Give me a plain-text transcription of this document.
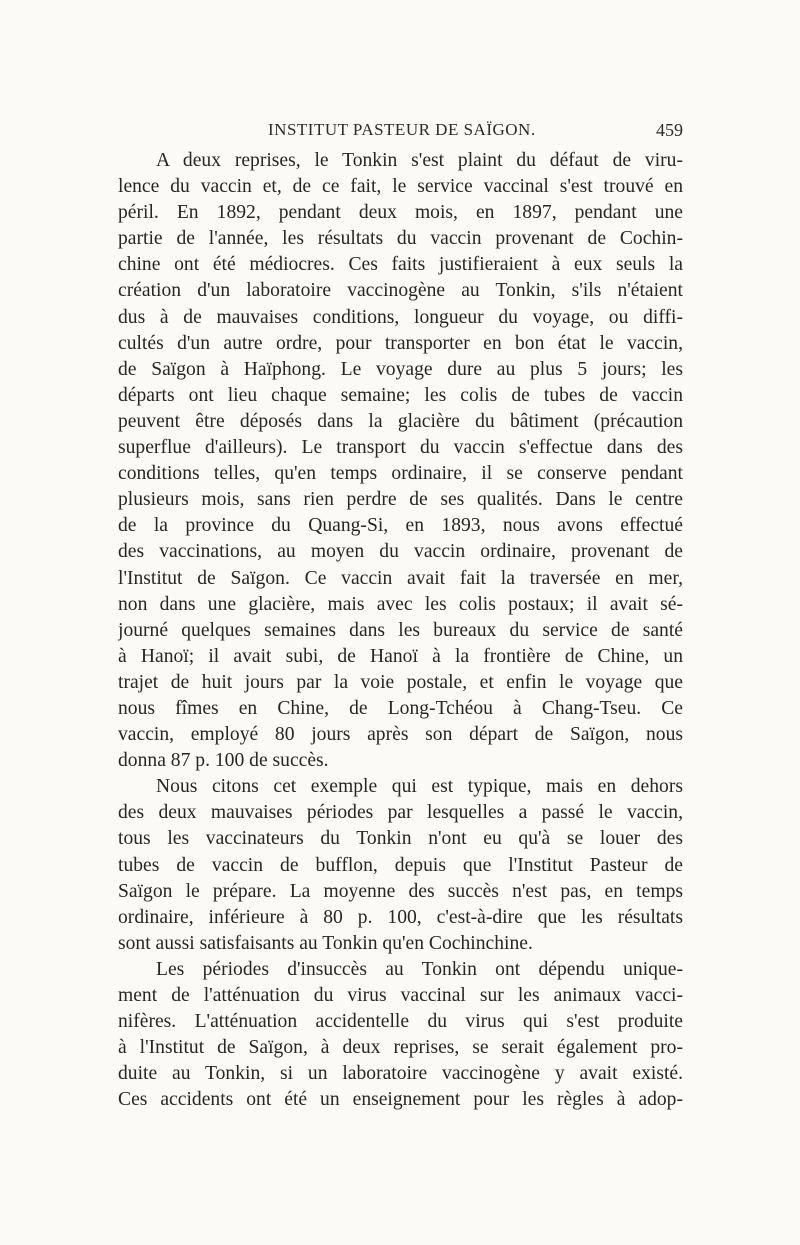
INSTITUT PASTEUR DE SAÏGON.	459

A deux reprises, le Tonkin s'est plaint du défaut de viru-
lence du vaccin et, de ce fait, le service vaccinal s'est trouvé en
péril. En 1892, pendant deux mois, en 1897, pendant une
partie de l'année, les résultats du vaccin provenant de Cochin-
chine ont été médiocres. Ces faits justifieraient à eux seuls la
création d'un laboratoire vaccinogène au Tonkin, s'ils n'étaient
dus à de mauvaises conditions, longueur du voyage, ou diffi-
cultés d'un autre ordre, pour transporter en bon état le vaccin,
de Saïgon à Haïphong. Le voyage dure au plus 5 jours; les
départs ont lieu chaque semaine; les colis de tubes de vaccin
peuvent être déposés dans la glacière du bâtiment (précaution
superflue d'ailleurs). Le transport du vaccin s'effectue dans des
conditions telles, qu'en temps ordinaire, il se conserve pendant
plusieurs mois, sans rien perdre de ses qualités. Dans le centre
de la province du Quang-Si, en 1893, nous avons effectué
des vaccinations, au moyen du vaccin ordinaire, provenant de
l'Institut de Saïgon. Ce vaccin avait fait la traversée en mer,
non dans une glacière, mais avec les colis postaux; il avait sé-
journé quelques semaines dans les bureaux du service de santé
à Hanoï; il avait subi, de Hanoï à la frontière de Chine, un
trajet de huit jours par la voie postale, et enfin le voyage que
nous fîmes en Chine, de Long-Tchéou à Chang-Tseu. Ce
vaccin, employé 80 jours après son départ de Saïgon, nous
donna 87 p. 100 de succès.

Nous citons cet exemple qui est typique, mais en dehors
des deux mauvaises périodes par lesquelles a passé le vaccin,
tous les vaccinateurs du Tonkin n'ont eu qu'à se louer des
tubes de vaccin de bufflon, depuis que l'Institut Pasteur de
Saïgon le prépare. La moyenne des succès n'est pas, en temps
ordinaire, inférieure à 80 p. 100, c'est-à-dire que les résultats
sont aussi satisfaisants au Tonkin qu'en Cochinchine.

Les périodes d'insuccès au Tonkin ont dépendu unique-
ment de l'atténuation du virus vaccinal sur les animaux vacci-
nifères. L'atténuation accidentelle du virus qui s'est produite
à l'Institut de Saïgon, à deux reprises, se serait également pro-
duite au Tonkin, si un laboratoire vaccinogène y avait existé.
Ces accidents ont été un enseignement pour les règles à adop-
